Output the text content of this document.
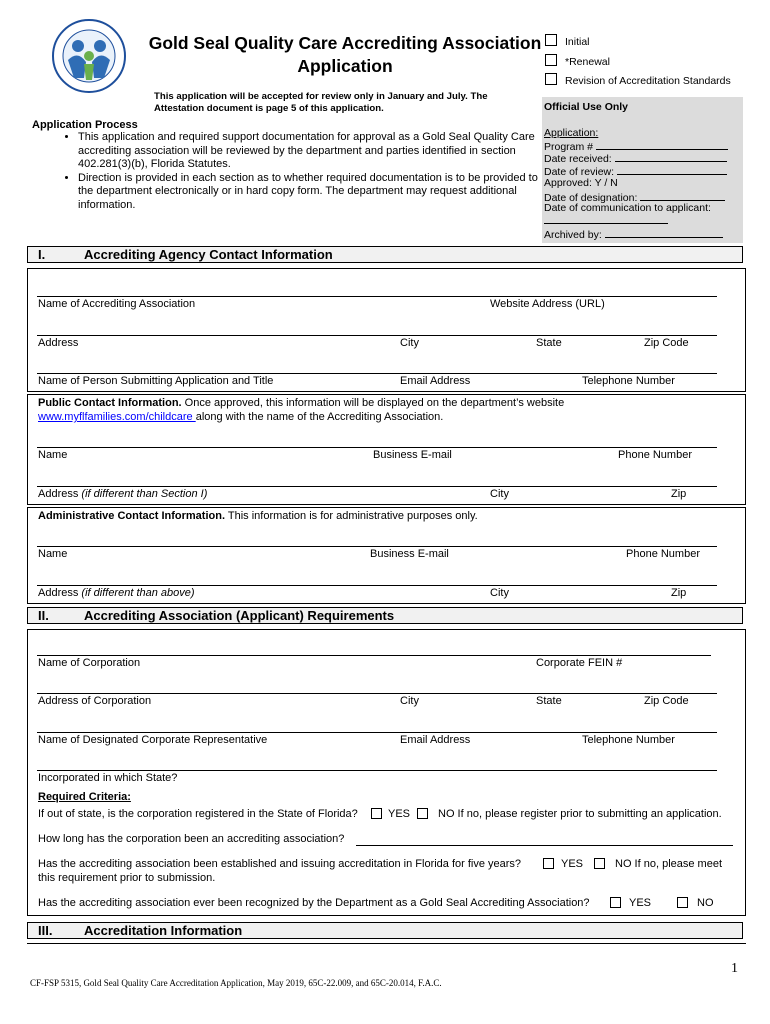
Gold Seal Quality Care Accrediting Association
Application
Initial
*Renewal
Revision of Accreditation Standards
This application will be accepted for review only in January and July. The Attestation document is page 5 of this application.	Official Use Only
Application:
Program #
Date received:
Date of review:
Approved: Y / N
Date of designation:
Date of communication to applicant:
Archived by:
Application Process
• This application and required support documentation for approval as a Gold Seal Quality Care accrediting association will be reviewed by the department and parties identified in section 402.281(3)(b), Florida Statutes.
• Direction is provided in each section as to whether required documentation is to be provided to the department electronically or in hard copy form. The department may request additional information.
I.	Accrediting Agency Contact Information
Name of Accrediting Association	Website Address (URL)
Address	City	State	Zip Code
Name of Person Submitting Application and Title	Email Address	Telephone Number
Public Contact Information. Once approved, this information will be displayed on the department’s website
www.myflfamilies.com/childcare along with the name of the Accrediting Association.
Name	Business E-mail	Phone Number
Address (if different than Section I)	City	Zip
Administrative Contact Information. This information is for administrative purposes only.
Name	Business E-mail	Phone Number
Address (if different than above)	City	Zip
II.	Accrediting Association (Applicant) Requirements
Name of Corporation	Corporate FEIN #
Address of Corporation	City	State	Zip Code
Name of Designated Corporate Representative	Email Address	Telephone Number
Incorporated in which State?
Required Criteria:
If out of state, is the corporation registered in the State of Florida?	YES	NO If no, please register prior to submitting an application.
How long has the corporation been an accrediting association?
Has the accrediting association been established and issuing accreditation in Florida for five years?	YES	NO If no, please meet
this requirement prior to submission.
Has the accrediting association ever been recognized by the Department as a Gold Seal Accrediting Association?	YES	NO
III. Accreditation Information
1
CF-FSP 5315, Gold Seal Quality Care Accreditation Application, May 2019, 65C-22.009, and 65C-20.014, F.A.C.
